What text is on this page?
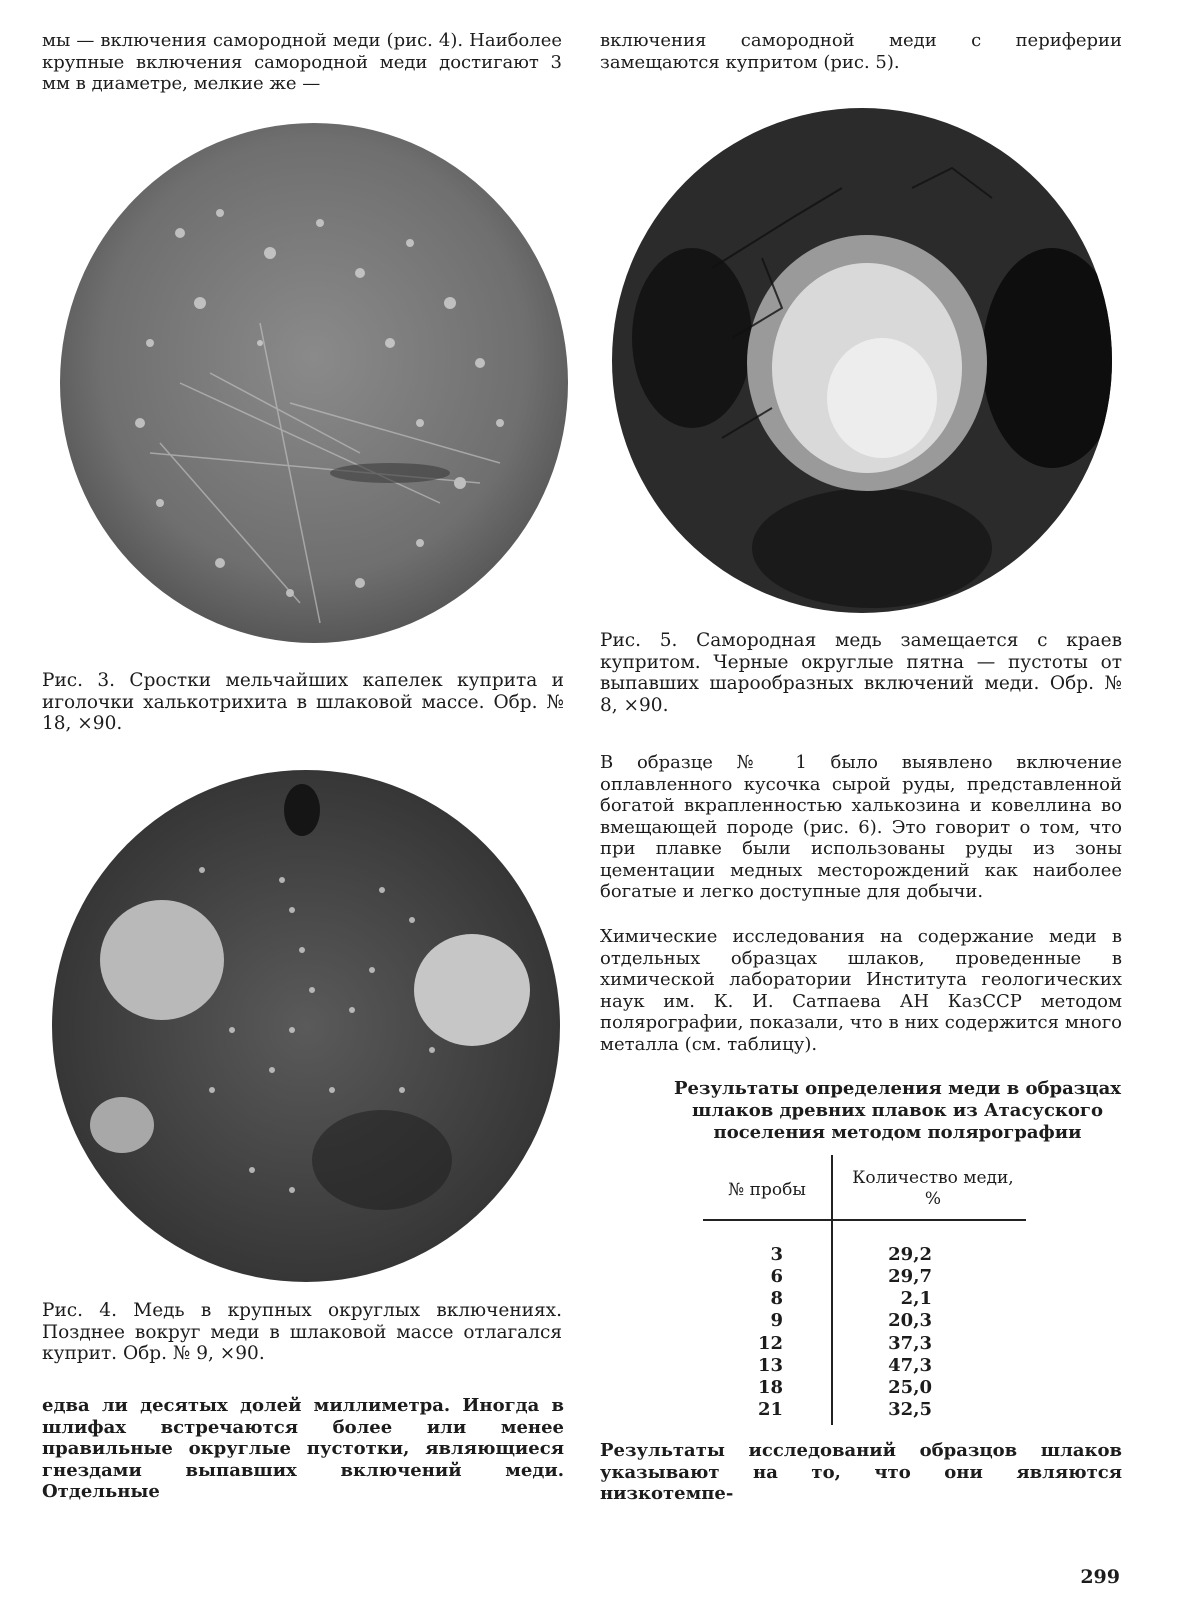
мы — включения самородной меди (рис. 4). Наиболее крупные включения самородной меди достигают 3 мм в диаметре, мелкие же —

Рис. 3. Сростки мельчайших капелек куприта и иголочки халькотрихита в шлаковой массе. Обр. № 18, ×90.

Рис. 4. Медь в крупных округлых включениях. Позднее вокруг меди в шлаковой массе отлагался куприт. Обр. № 9, ×90.

едва ли десятых долей миллиметра. Иногда в шлифах встречаются более или менее правильные округлые пустотки, являющиеся гнездами выпавших включений меди. Отдельные

включения самородной меди с периферии замещаются купритом (рис. 5).

Рис. 5. Самородная медь замещается с краев купритом. Черные округлые пятна — пустоты от выпавших шарообразных включений меди. Обр. № 8, ×90.

В образце № 1 было выявлено включение оплавленного кусочка сырой руды, представленной богатой вкрапленностью халькозина и ковеллина во вмещающей породе (рис. 6). Это говорит о том, что при плавке были использованы руды из зоны цементации медных месторождений как наиболее богатые и легко доступные для добычи.

Химические исследования на содержание меди в отдельных образцах шлаков, проведенные в химической лаборатории Института геологических наук им. К. И. Сатпаева АН КазССР методом полярографии, показали, что в них содержится много металла (см. таблицу).

Результаты определения меди в образцах

шлаков древних плавок из Атасуского

поселения методом полярографии

№ пробы
Количество меди,
%
3	29,2
6	29,7
8	2,1
9	20,3
12	37,3
13	47,3
18	25,0
21	32,5

Результаты исследований образцов шлаков указывают на то, что они являются низкотемпе-

299
